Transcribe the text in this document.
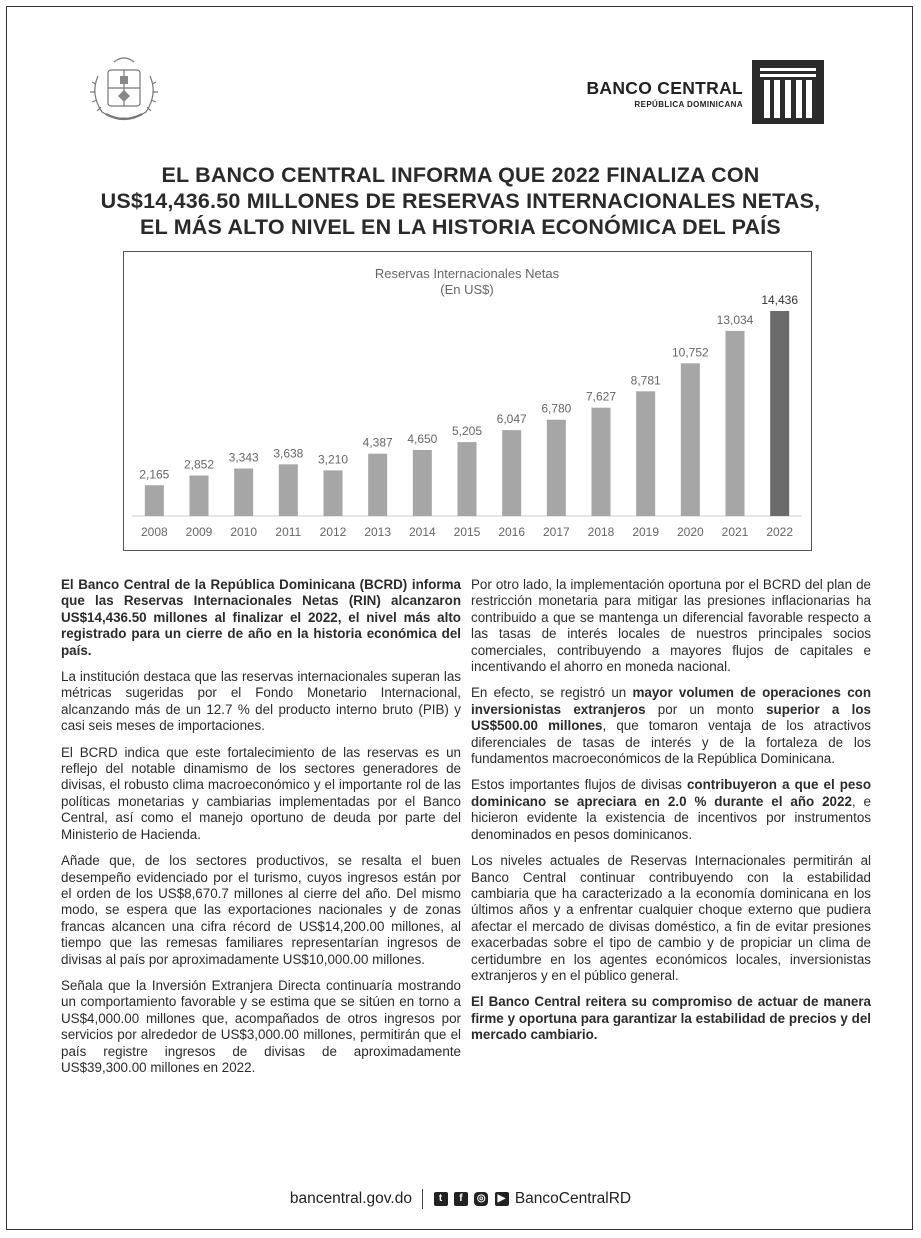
BANCO CENTRAL
REPÚBLICA DOMINICANA
EL BANCO CENTRAL INFORMA QUE 2022 FINALIZA CON
US$14,436.50 MILLONES DE RESERVAS INTERNACIONALES NETAS,
EL MÁS ALTO NIVEL EN LA HISTORIA ECONÓMICA DEL PAÍS
Reservas Internacionales Netas
(En US$)
2,165
2008
2,852
2009
3,343
2010
3,638
2011
3,210
2012
4,387
2013
4,650
2014
5,205
2015
6,047
2016
6,780
2017
7,627
2018
8,781
2019
10,752
2020
13,034
2021
14,436
2022

El Banco Central de la República Dominicana (BCRD) informa que las Reservas Internacionales Netas (RIN) alcanzaron US$14,436.50 millones al finalizar el 2022, el nivel más alto registrado para un cierre de año en la historia económica del país.

La institución destaca que las reservas internacionales superan las métricas sugeridas por el Fondo Monetario Internacional, alcanzando más de un 12.7 % del producto interno bruto (PIB) y casi seis meses de importaciones.

El BCRD indica que este fortalecimiento de las reservas es un reflejo del notable dinamismo de los sectores generadores de divisas, el robusto clima macroeconómico y el importante rol de las políticas monetarias y cambiarias implementadas por el Banco Central, así como el manejo oportuno de deuda por parte del Ministerio de Hacienda.

Añade que, de los sectores productivos, se resalta el buen desempeño evidenciado por el turismo, cuyos ingresos están por el orden de los US$8,670.7 millones al cierre del año. Del mismo modo, se espera que las exportaciones nacionales y de zonas francas alcancen una cifra récord de US$14,200.00 millones, al tiempo que las remesas familiares representarían ingresos de divisas al país por aproximadamente US$10,000.00 millones.

Señala que la Inversión Extranjera Directa continuaría mostrando un comportamiento favorable y se estima que se sitúen en torno a US$4,000.00 millones que, acompañados de otros ingresos por servicios por alrededor de US$3,000.00 millones, permitirán que el país registre ingresos de divisas de aproximadamente US$39,300.00 millones en 2022.

Por otro lado, la implementación oportuna por el BCRD del plan de restricción monetaria para mitigar las presiones inflacionarias ha contribuido a que se mantenga un diferencial favorable respecto a las tasas de interés locales de nuestros principales socios comerciales, contribuyendo a mayores flujos de capitales e incentivando el ahorro en moneda nacional.

En efecto, se registró un mayor volumen de operaciones con inversionistas extranjeros por un monto superior a los US$500.00 millones, que tomaron ventaja de los atractivos diferenciales de tasas de interés y de la fortaleza de los fundamentos macroeconómicos de la República Dominicana.

Estos importantes flujos de divisas contribuyeron a que el peso dominicano se apreciara en 2.0 % durante el año 2022, e hicieron evidente la existencia de incentivos por instrumentos denominados en pesos dominicanos.

Los niveles actuales de Reservas Internacionales permitirán al Banco Central continuar contribuyendo con la estabilidad cambiaria que ha caracterizado a la economía dominicana en los últimos años y a enfrentar cualquier choque externo que pudiera afectar el mercado de divisas doméstico, a fin de evitar presiones exacerbadas sobre el tipo de cambio y de propiciar un clima de certidumbre en los agentes económicos locales, inversionistas extranjeros y en el público general.

El Banco Central reitera su compromiso de actuar de manera firme y oportuna para garantizar la estabilidad de precios y del mercado cambiario.

bancentral.gov.do	t f ◎ ▶ BancoCentralRD
